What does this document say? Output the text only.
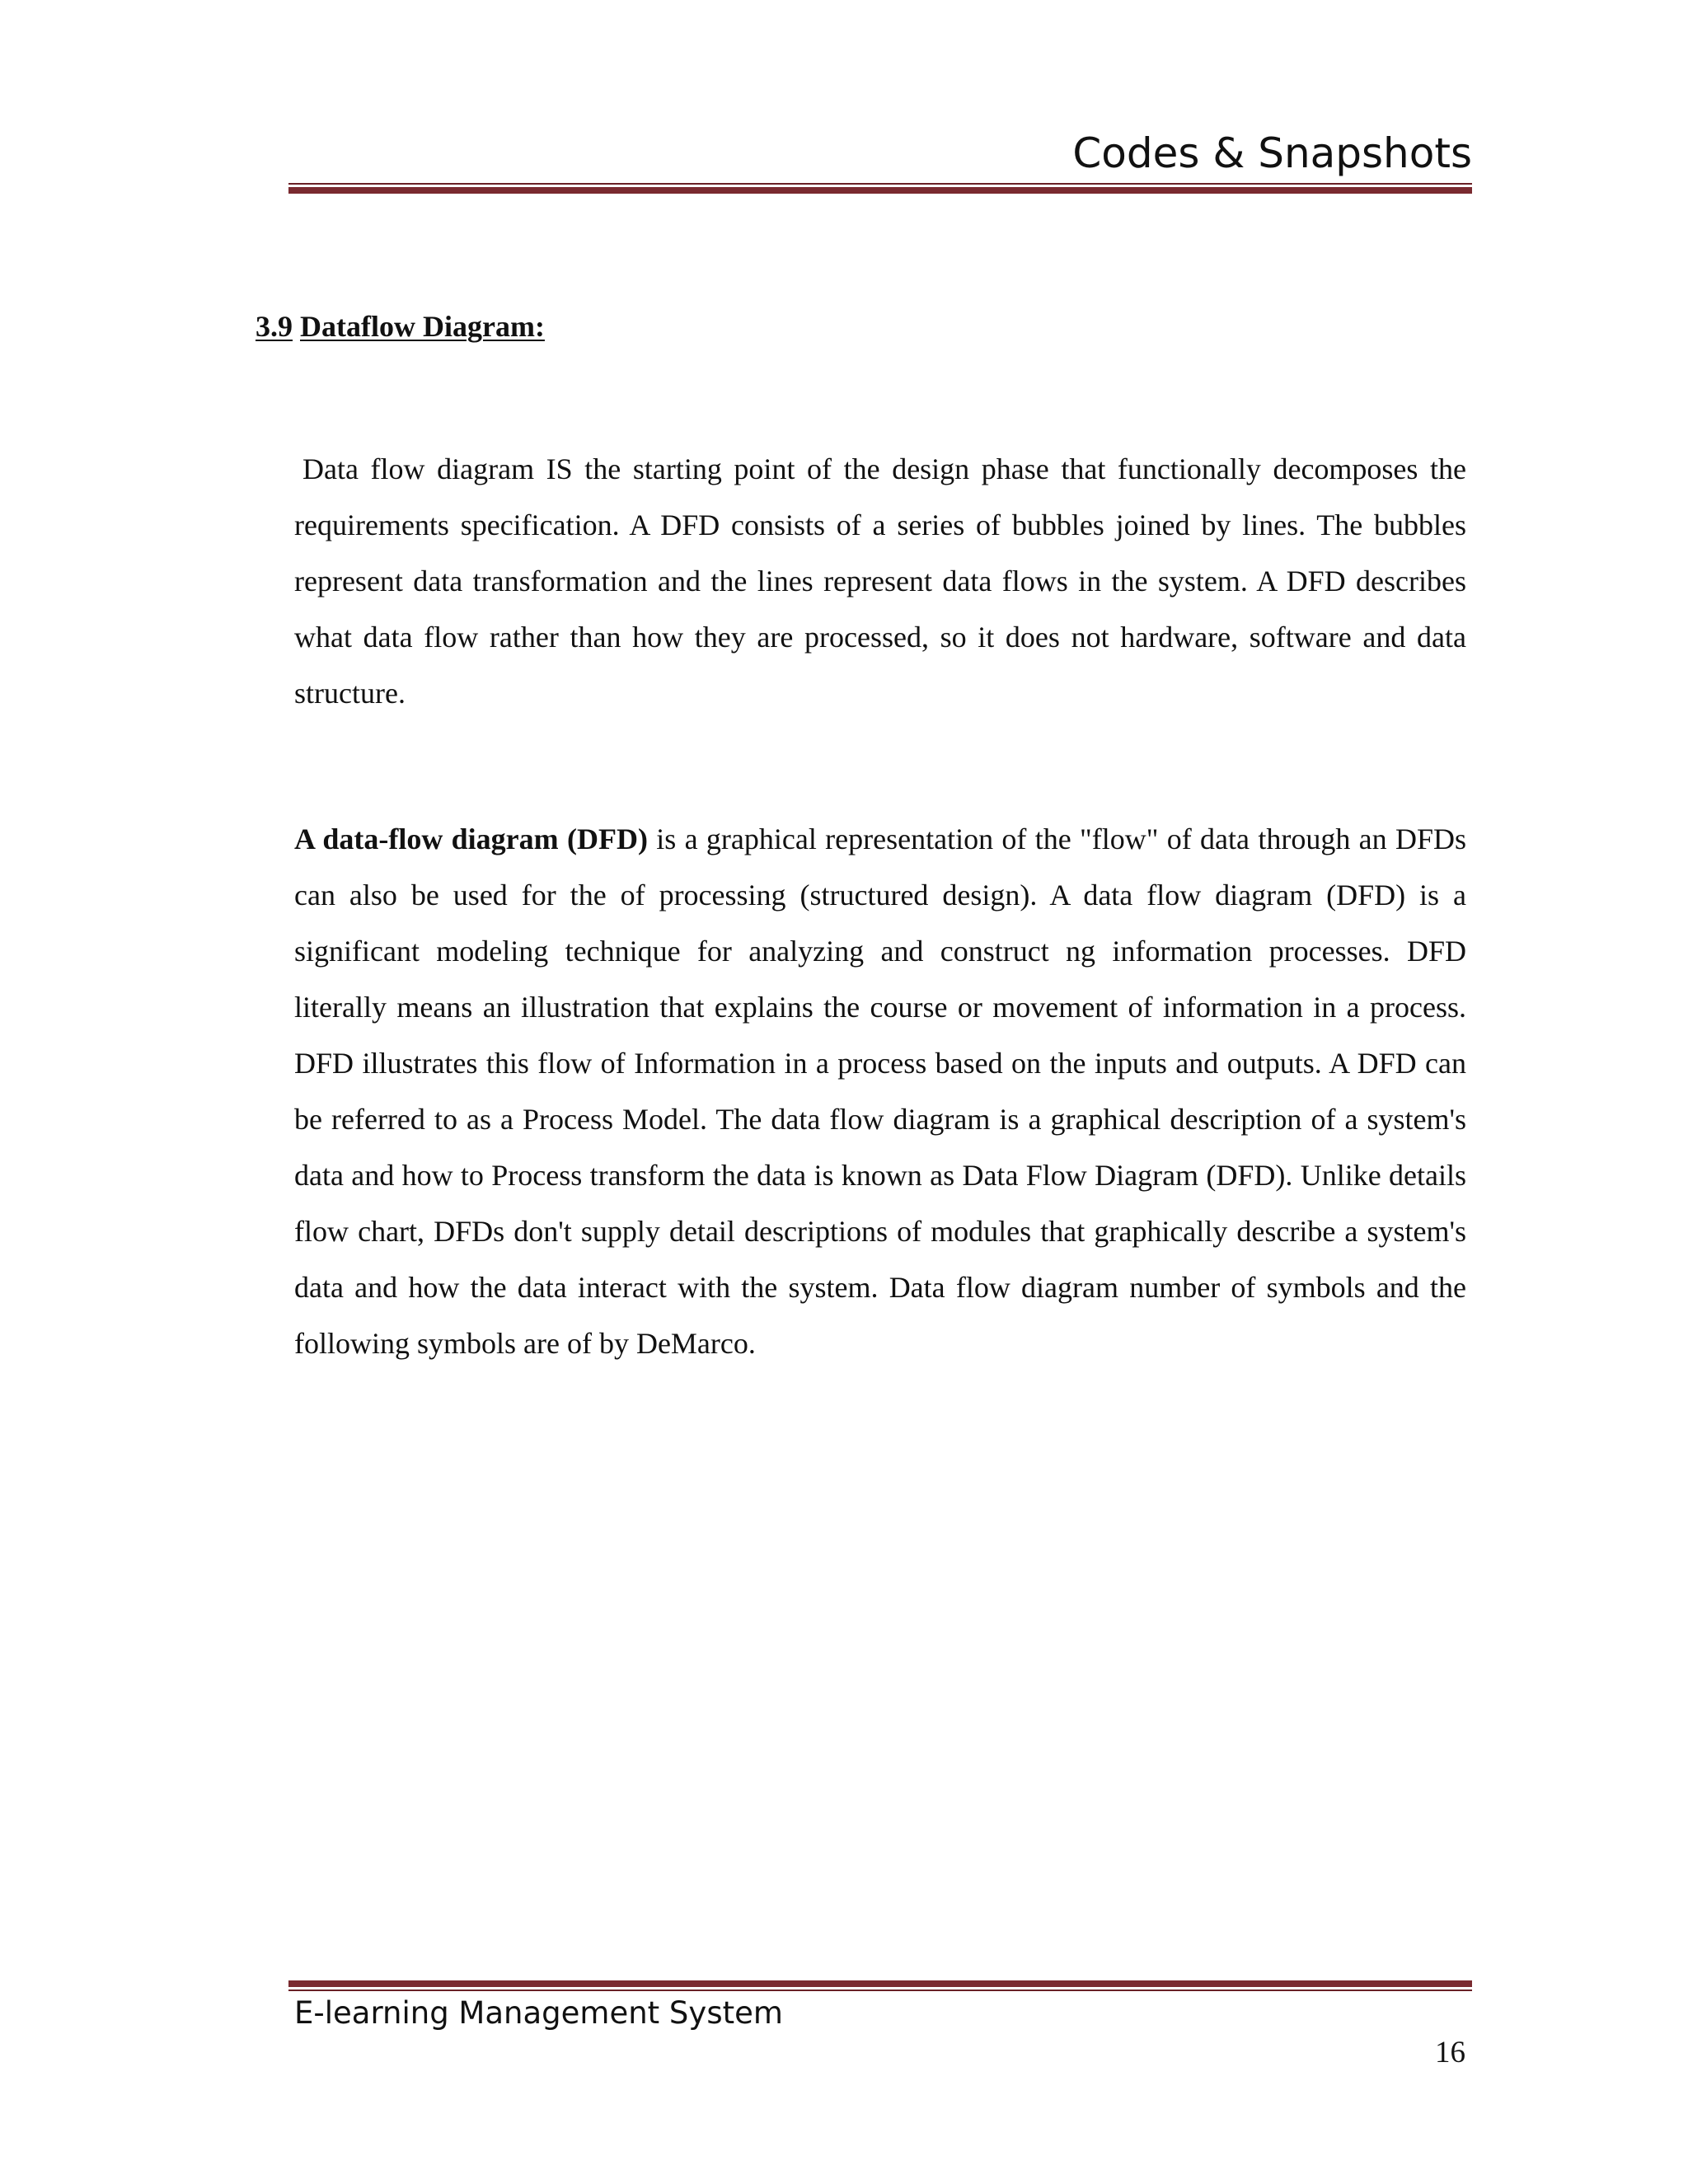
Codes & Snapshots
3.9 Dataflow Diagram:
Data flow diagram IS the starting point of the design phase that functionally decomposes the requirements specification. A DFD consists of a series of bubbles joined by lines. The bubbles represent data transformation and the lines represent data flows in the system. A DFD describes what data flow rather than how they are processed, so it does not hardware, software and data structure.
A data-flow diagram (DFD) is a graphical representation of the "flow" of data through an DFDs can also be used for the of processing (structured design). A data flow diagram (DFD) is a significant modeling technique for analyzing and construct ng information processes. DFD literally means an illustration that explains the course or movement of information in a process. DFD illustrates this flow of Information in a process based on the inputs and outputs. A DFD can be referred to as a Process Model. The data flow diagram is a graphical description of a system's data and how to Process transform the data is known as Data Flow Diagram (DFD). Unlike details flow chart, DFDs don't supply detail descriptions of modules that graphically describe a system's data and how the data interact with the system. Data flow diagram number of symbols and the following symbols are of by DeMarco.
E-learning Management System
16
